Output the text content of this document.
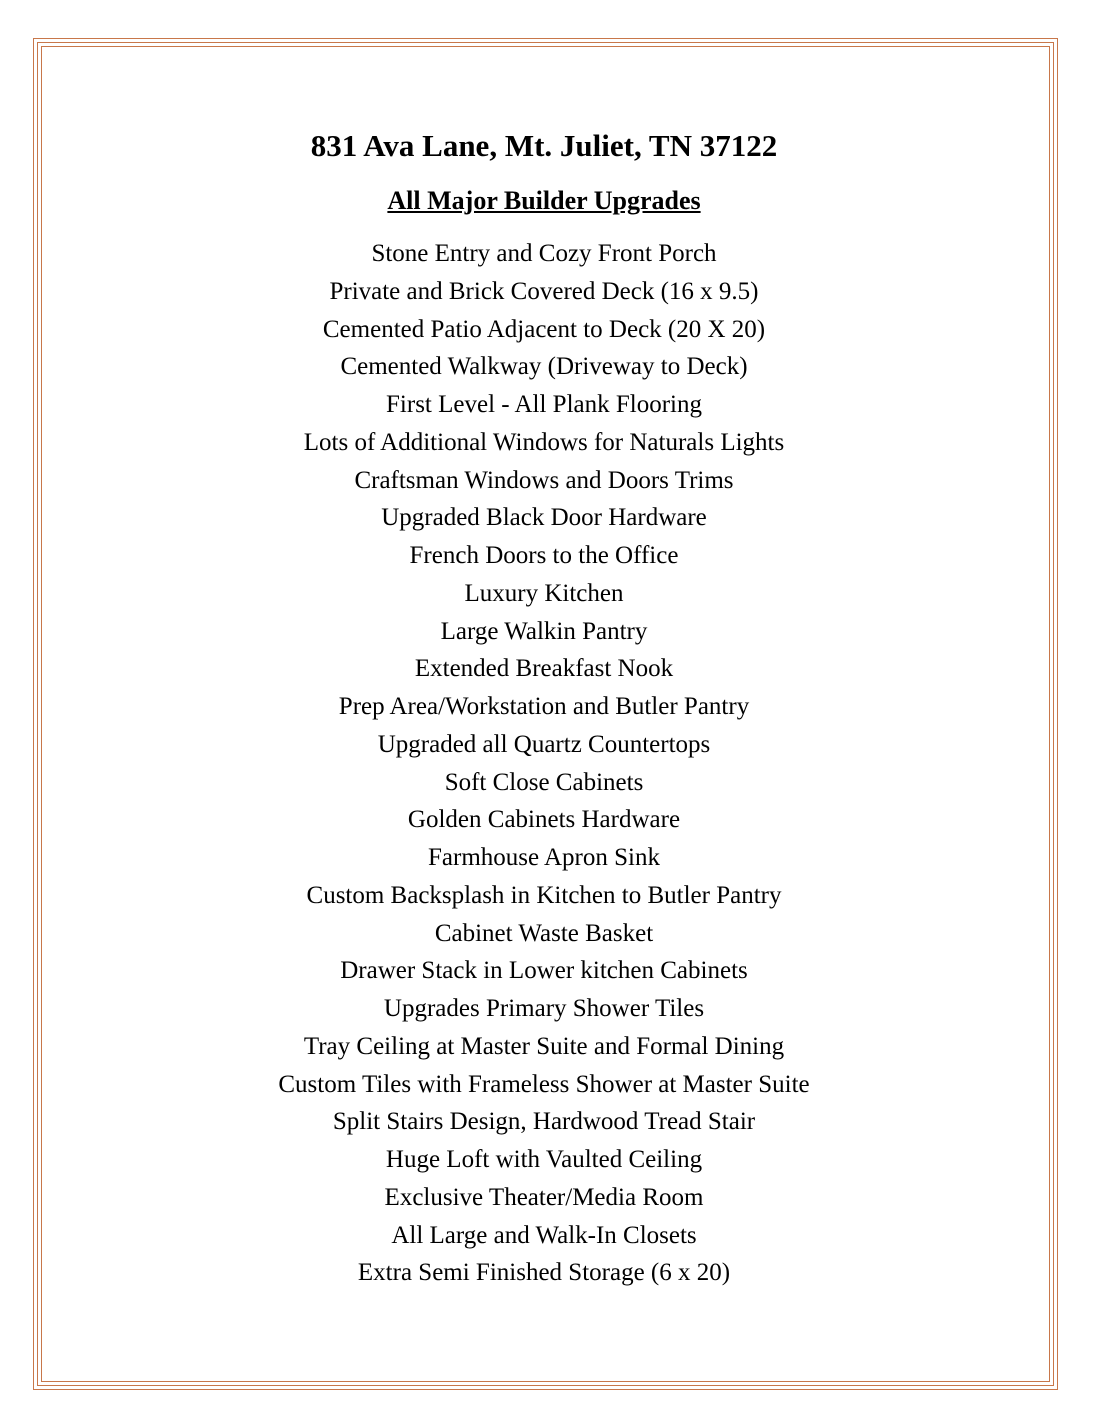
831 Ava Lane, Mt. Juliet, TN 37122
All Major Builder Upgrades
Stone Entry and Cozy Front Porch
Private and Brick Covered Deck (16 x 9.5)
Cemented Patio Adjacent to Deck (20 X 20)
Cemented Walkway (Driveway to Deck)
First Level - All Plank Flooring
Lots of Additional Windows for Naturals Lights
Craftsman Windows and Doors Trims
Upgraded Black Door Hardware
French Doors to the Office
Luxury Kitchen
Large Walkin Pantry
Extended Breakfast Nook
Prep Area/Workstation and Butler Pantry
Upgraded all Quartz Countertops
Soft Close Cabinets
Golden Cabinets Hardware
Farmhouse Apron Sink
Custom Backsplash in Kitchen to Butler Pantry
Cabinet Waste Basket
Drawer Stack in Lower kitchen Cabinets
Upgrades Primary Shower Tiles
Tray Ceiling at Master Suite and Formal Dining
Custom Tiles with Frameless Shower at Master Suite
Split Stairs Design, Hardwood Tread Stair
Huge Loft with Vaulted Ceiling
Exclusive Theater/Media Room
All Large and Walk-In Closets
Extra Semi Finished Storage (6 x 20)
